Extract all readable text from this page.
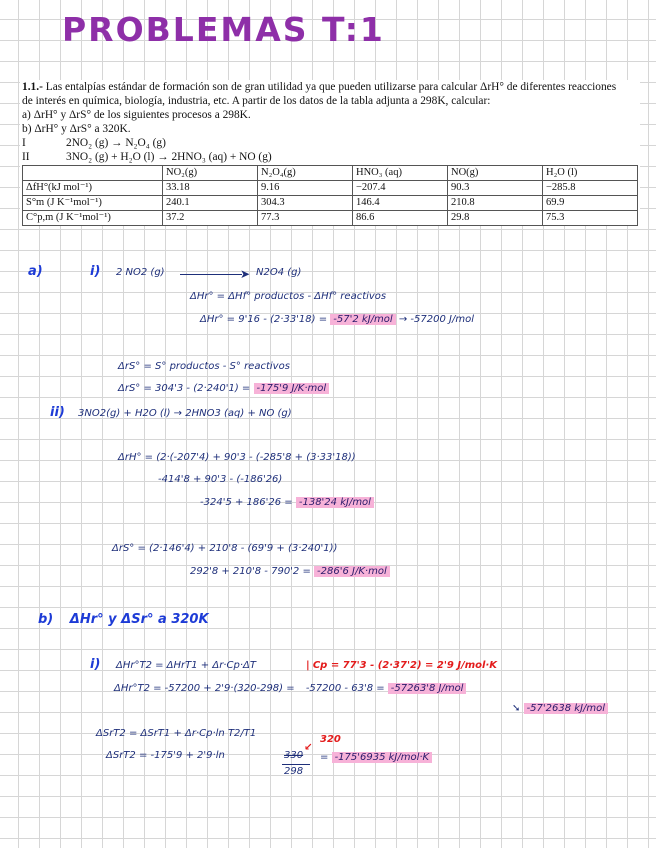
PROBLEMAS T:1
1.1.- Las entalpías estándar de formación son de gran utilidad ya que pueden utilizarse para calcular ΔrH° de diferentes reacciones
de interés en química, biología, industria, etc. A partir de los datos de la tabla adjunta a 298K, calcular:
a) ΔrH° y ΔrS° de los siguientes procesos a 298K.
b) ΔrH° y ΔrS° a 320K.
I	2NO₂ (g) → N₂O₄ (g)
II	3NO₂ (g) + H₂O (l) → 2HNO₃ (aq) + NO (g)
	NO₂(g)	N₂O₄(g)	HNO₃ (aq)	NO(g)	H₂O (l)
ΔfH°(kJ mol⁻¹)	33.18	9.16	−207.4	90.3	−285.8
S°m (J K⁻¹mol⁻¹)	240.1	304.3	146.4	210.8	69.9
C°p,m (J K⁻¹mol⁻¹)	37.2	77.3	86.6	29.8	75.3
a)	i) 2 NO2 (g)	➤ N2O4 (g)
ΔHr° = ΔHf° productos - ΔHf° reactivos
ΔHr° = 9'16 - (2·33'18) = -57'2 kJ/mol → -57200 J/mol
ΔrS° = S° productos - S° reactivos
ΔrS° = 304'3 - (2·240'1) = -175'9 J/K·mol
ii) 3NO2(g) + H2O (l) → 2HNO3 (aq) + NO (g)
ΔrH° = (2·(-207'4) + 90'3 - (-285'8 + (3·33'18))
-414'8 + 90'3 - (-186'26)
-324'5 + 186'26 = -138'24 kJ/mol
ΔrS° = (2·146'4) + 210'8 - (69'9 + (3·240'1))
292'8 + 210'8 - 790'2 = -286'6 J/K·mol
b) ΔHr° y ΔSr° a 320K
i) ΔHr°T2 = ΔHrT1 + Δr·Cp·ΔT	| Cp = 77'3 - (2·37'2) = 2'9 J/mol·K
ΔHr°T2 = -57200 + 2'9·(320-298) = -57200 - 63'8 = -57263'8 J/mol
➘ -57'2638 kJ/mol
ΔSrT2 = ΔSrT1 + Δr·Cp·ln T2/T1
ΔSrT2 = -175'9 + 2'9·ln	330
320
↙
298
= -175'6935 kJ/mol·K
